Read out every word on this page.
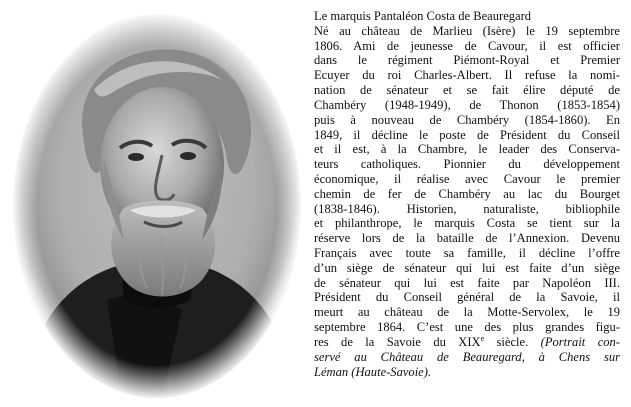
Le marquis Pantaléon Costa de Beauregard
Né au château de Marlieu (Isère) le 19 septembre
1806. Ami de jeunesse de Cavour, il est officier
dans le régiment Piémont-Royal et Premier
Ecuyer du roi Charles-Albert. Il refuse la nomi-
nation de sénateur et se fait élire député de
Chambéry (1948-1949), de Thonon (1853-1854)
puis à nouveau de Chambéry (1854-1860). En
1849, il décline le poste de Président du Conseil
et il est, à la Chambre, le leader des Conserva-
teurs catholiques. Pionnier du développement
économique, il réalise avec Cavour le premier
chemin de fer de Chambéry au lac du Bourget
(1838-1846). Historien, naturaliste, bibliophile
et philanthrope, le marquis Costa se tient sur la
réserve lors de la bataille de l’Annexion. Devenu
Français avec toute sa famille, il décline l’offre
d’un siège de sénateur qui lui est faite d’un siège
de sénateur qui lui est faite par Napoléon III.
Président du Conseil général de la Savoie, il
meurt au château de la Motte-Servolex, le 19
septembre 1864. C’est une des plus grandes figu-
res de la Savoie du XIXe siècle. (Portrait con-
servé au Château de Beauregard, à Chens sur
Léman (Haute-Savoie).
